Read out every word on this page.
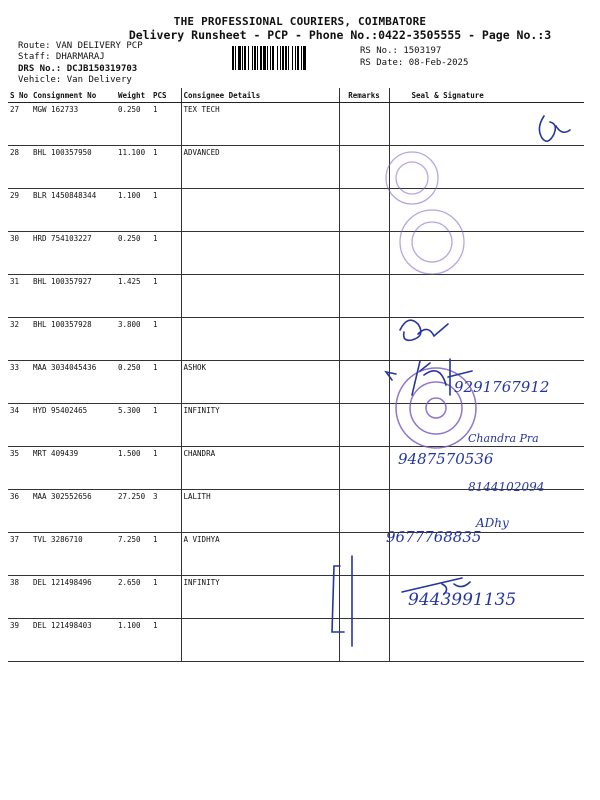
THE PROFESSIONAL COURIERS, COIMBATORE
Delivery Runsheet - PCP - Phone No.:0422-3505555 - Page No.:3
Route: VAN DELIVERY PCP
Staff: DHARMARAJ
DRS No.: DCJB150319703
Vehicle: Van Delivery
RS No.: 1503197
RS Date: 08-Feb-2025
S No	Consignment No	Weight	PCS	Consignee Details	Remarks	Seal & Signature
27	MGW 162733	0.250	1	TEX TECH		
28	BHL 100357950	11.100	1	ADVANCED		
29	BLR 1450848344	1.100	1			
30	HRD 754103227	0.250	1			
31	BHL 100357927	1.425	1			
32	BHL 100357928	3.800	1			
33	MAA 3034045436	0.250	1	ASHOK		
34	HYD 95402465	5.300	1	INFINITY		
35	MRT 409439	1.500	1	CHANDRA		
36	MAA 302552656	27.250	3	LALITH		
37	TVL 3286710	7.250	1	A VIDHYA		
38	DEL 121498496	2.650	1	INFINITY		
39	DEL 121498403	1.100	1			
9291767912
Chandra Pra
9487570536
8144102094
ADhy
9677768835
9443991135
